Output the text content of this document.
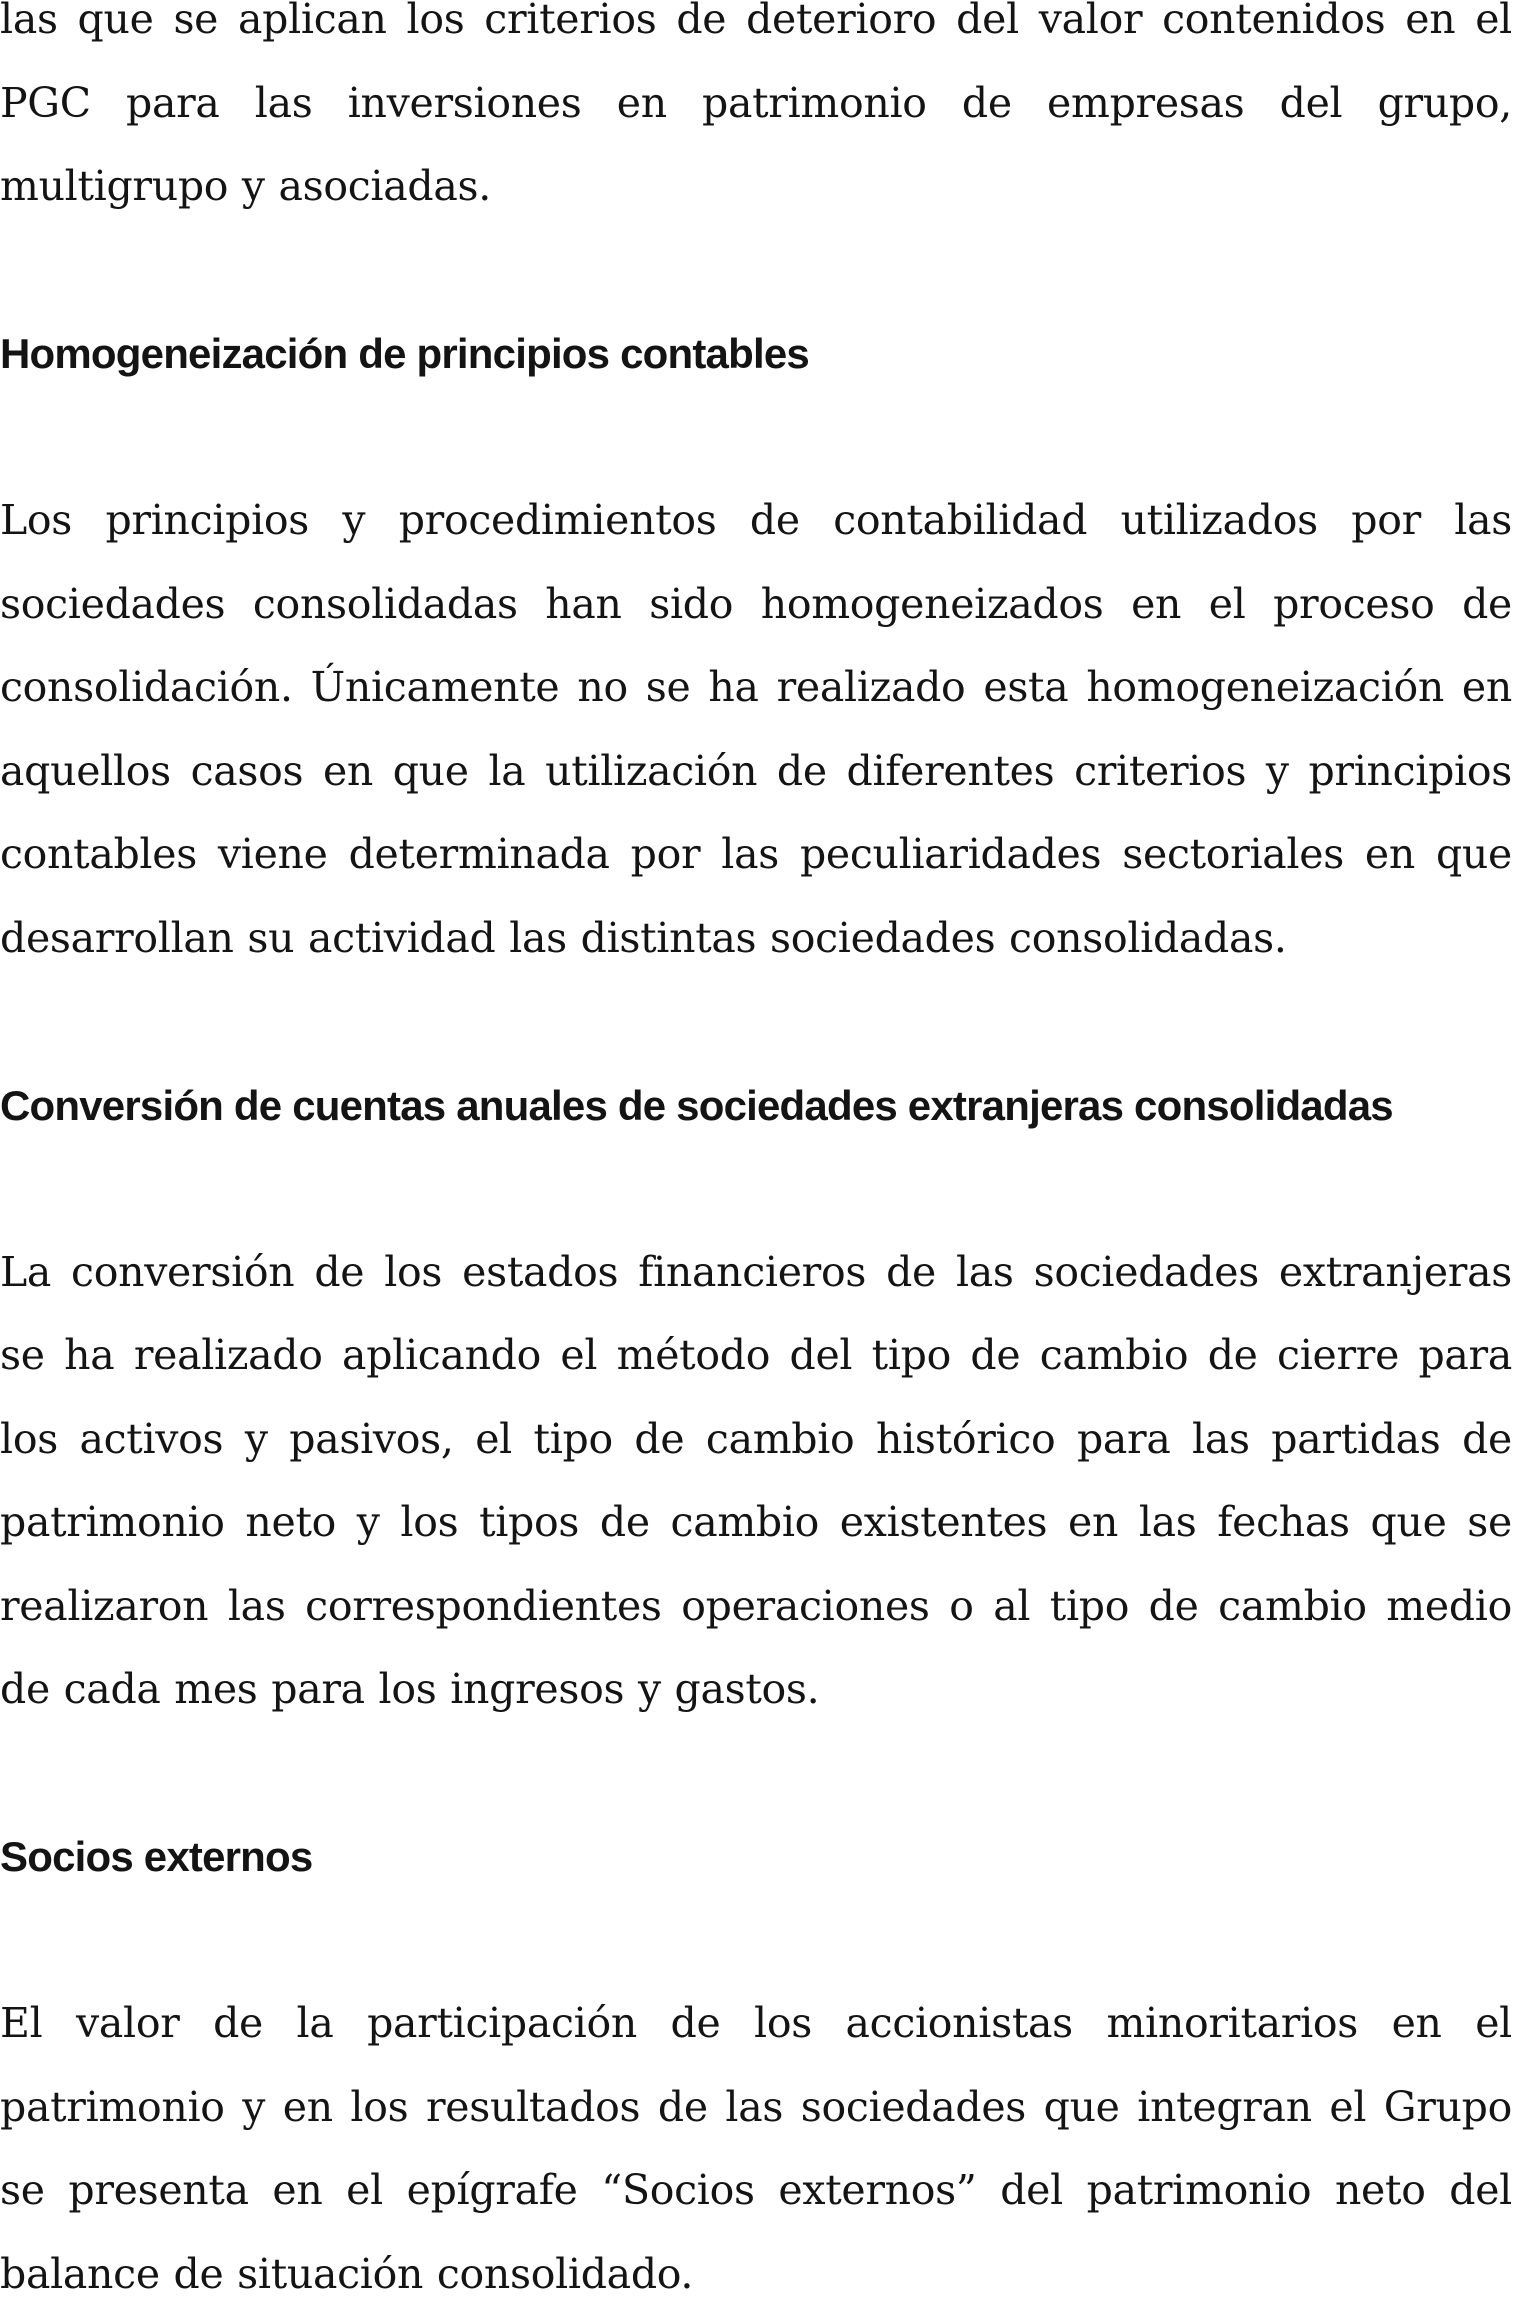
las que se aplican los criterios de deterioro del valor contenidos en el PGC para las inversiones en patrimonio de empresas del grupo, multigrupo y asociadas.

Homogeneización de principios contables

Los principios y procedimientos de contabilidad utilizados por las sociedades consolidadas han sido homogeneizados en el proceso de consolidación. Únicamente no se ha realizado esta homogeneización en aquellos casos en que la utilización de diferentes criterios y principios contables viene determinada por las peculiaridades sectoriales en que desarrollan su actividad las distintas sociedades consolidadas.

Conversión de cuentas anuales de sociedades extranjeras consolidadas

La conversión de los estados financieros de las sociedades extranjeras se ha realizado aplicando el método del tipo de cambio de cierre para los activos y pasivos, el tipo de cambio histórico para las partidas de patrimonio neto y los tipos de cambio existentes en las fechas que se realizaron las correspondientes operaciones o al tipo de cambio medio de cada mes para los ingresos y gastos.

Socios externos

El valor de la participación de los accionistas minoritarios en el patrimonio y en los resultados de las sociedades que integran el Grupo se presenta en el epígrafe “Socios externos” del patrimonio neto del balance de situación consolidado.
